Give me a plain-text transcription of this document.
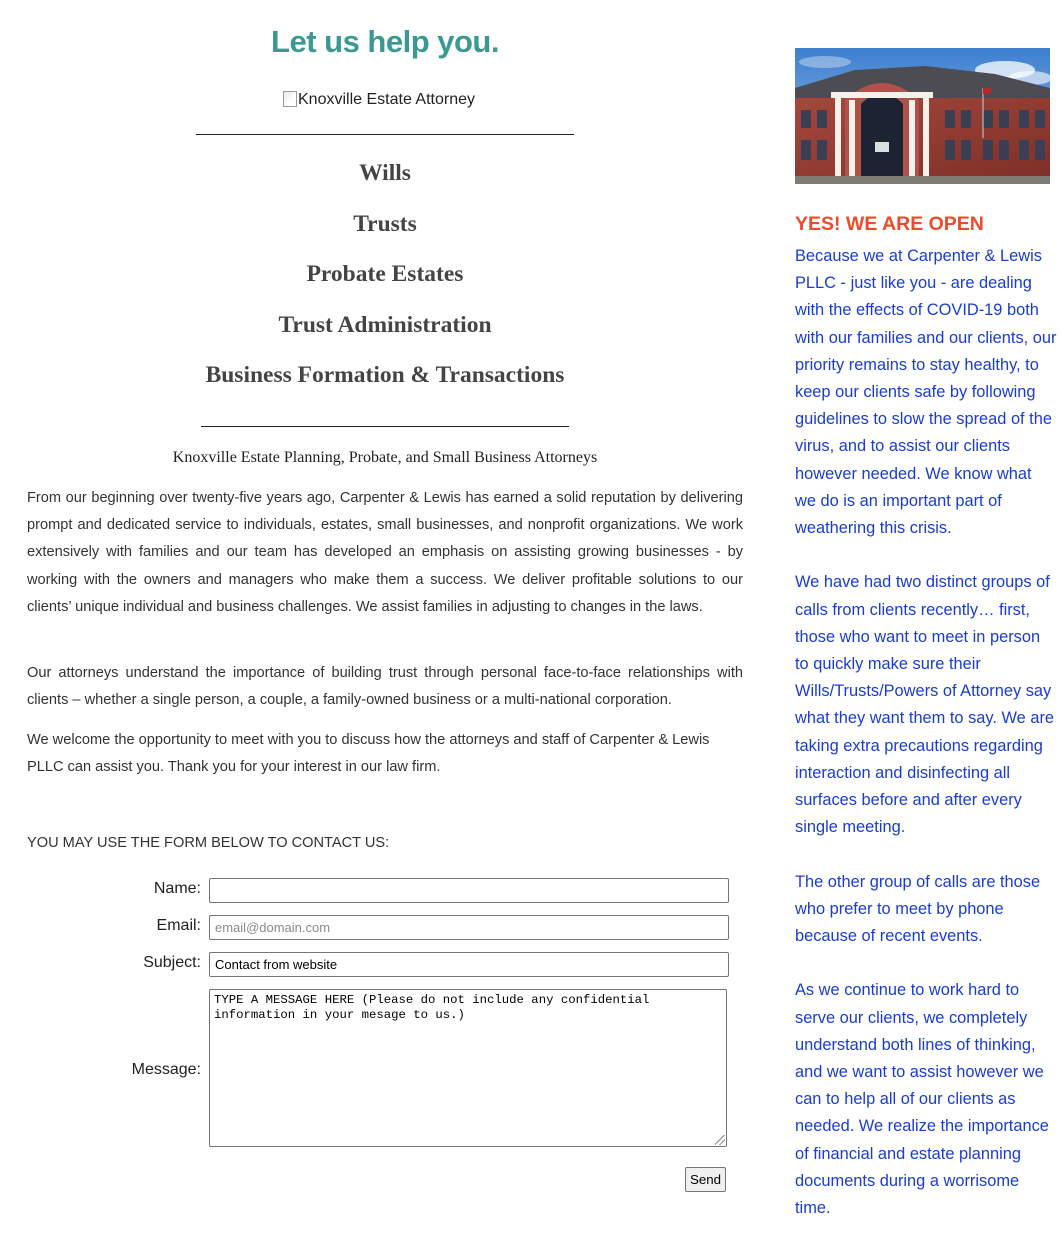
Let us help you.
Knoxville Estate Attorney
Wills
Trusts
Probate Estates
Trust Administration
Business Formation & Transactions
Knoxville Estate Planning, Probate, and Small Business Attorneys

From our beginning over twenty-five years ago, Carpenter & Lewis has earned a solid reputation by delivering prompt and dedicated service to individuals, estates, small businesses, and nonprofit organizations. We work extensively with families and our team has developed an emphasis on assisting growing businesses - by working with the owners and managers who make them a success. We deliver profitable solutions to our clients’ unique individual and business challenges. We assist families in adjusting to changes in the laws.

Our attorneys understand the importance of building trust through personal face-to-face relationships with clients – whether a single person, a couple, a family-owned business or a multi-national corporation.

We welcome the opportunity to meet with you to discuss how the attorneys and staff of Carpenter & Lewis PLLC can assist you. Thank you for your interest in our law firm.

YOU MAY USE THE FORM BELOW TO CONTACT US:

Name:
Email:
email@domain.com
Subject:
Contact from website
Message:
TYPE A MESSAGE HERE (Please do not include any confidential information in your mesage to us.)
Send
YES! WE ARE OPEN

Because we at Carpenter & Lewis PLLC - just like you - are dealing with the effects of COVID-19 both with our families and our clients, our priority remains to stay healthy, to keep our clients safe by following guidelines to slow the spread of the virus, and to assist our clients however needed. We know what we do is an important part of weathering this crisis.

We have had two distinct groups of calls from clients recently… first, those who want to meet in person to quickly make sure their Wills/Trusts/Powers of Attorney say what they want them to say. We are taking extra precautions regarding interaction and disinfecting all surfaces before and after every single meeting.

The other group of calls are those who prefer to meet by phone because of recent events.

As we continue to work hard to serve our clients, we completely understand both lines of thinking, and we want to assist however we can to help all of our clients as needed. We realize the importance of financial and estate planning documents during a worrisome time.
